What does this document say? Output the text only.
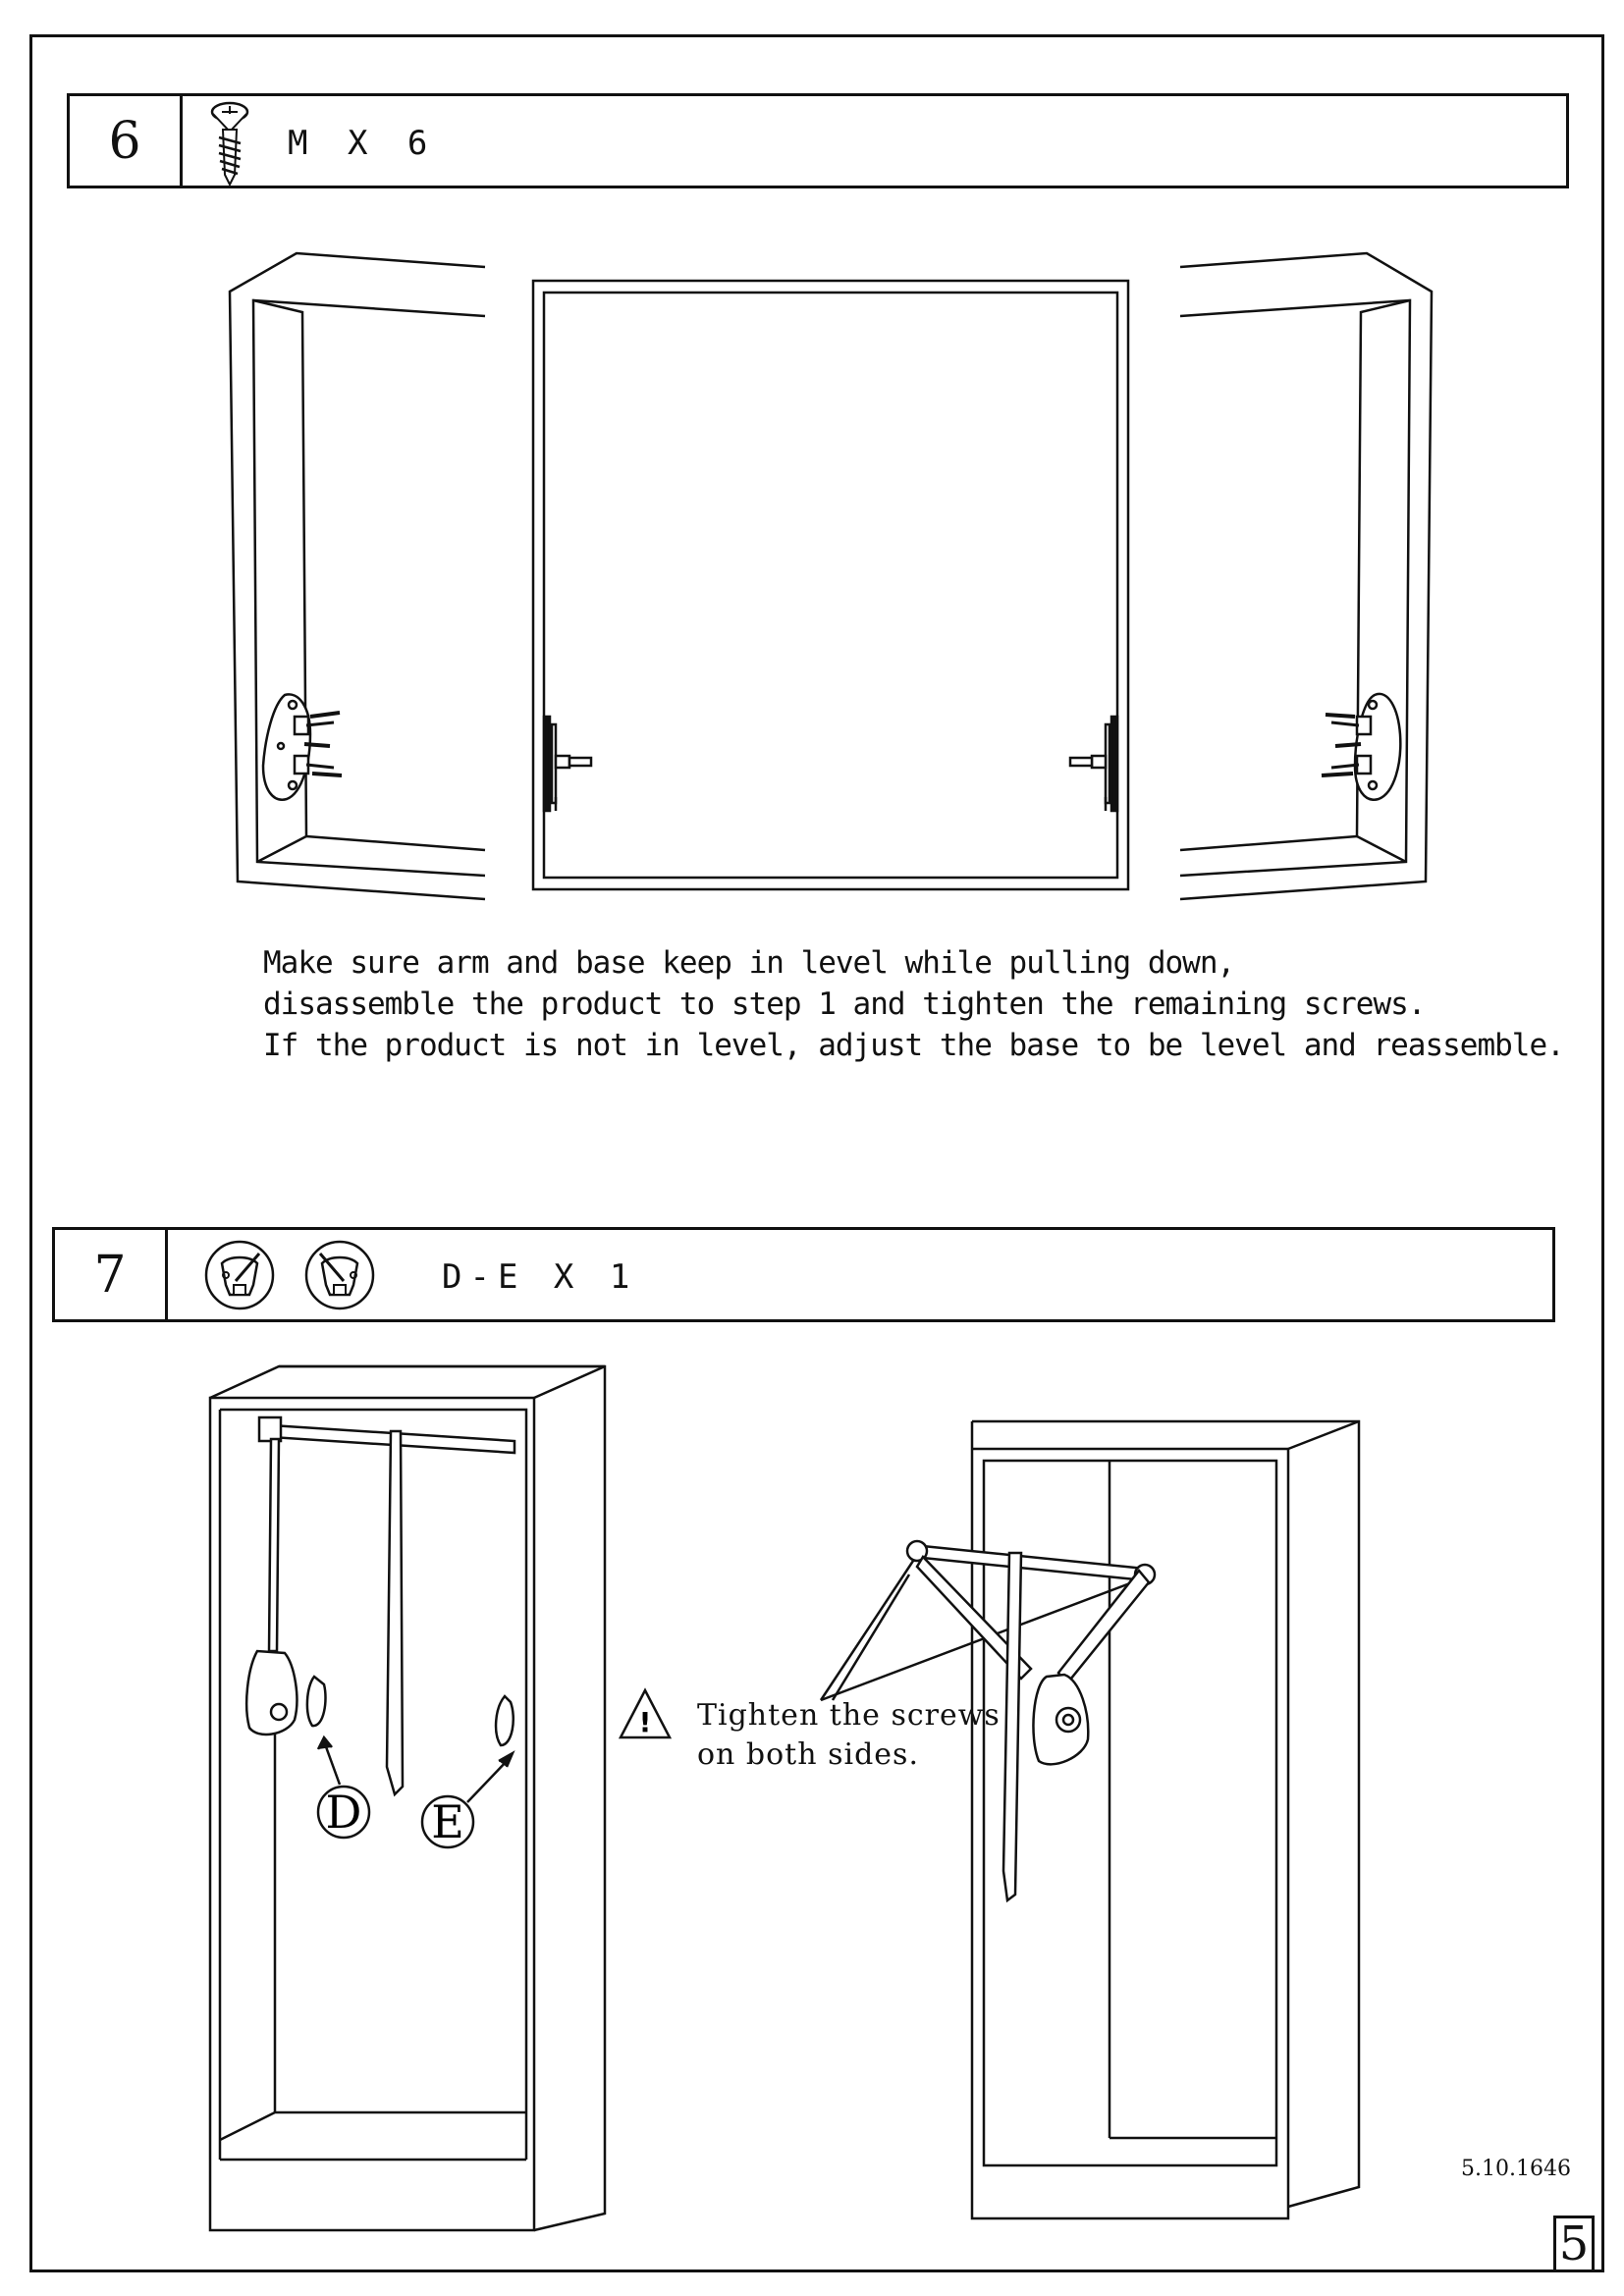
6	M X 6
Make sure arm and base keep in level while pulling down,
disassemble the product to step 1 and tighten the remaining screws.
If the product is not in level, adjust the base to be level and reassemble.
7	D-E X 1
D E
! Tighten the screws
on both sides.
5.10.1646
5
